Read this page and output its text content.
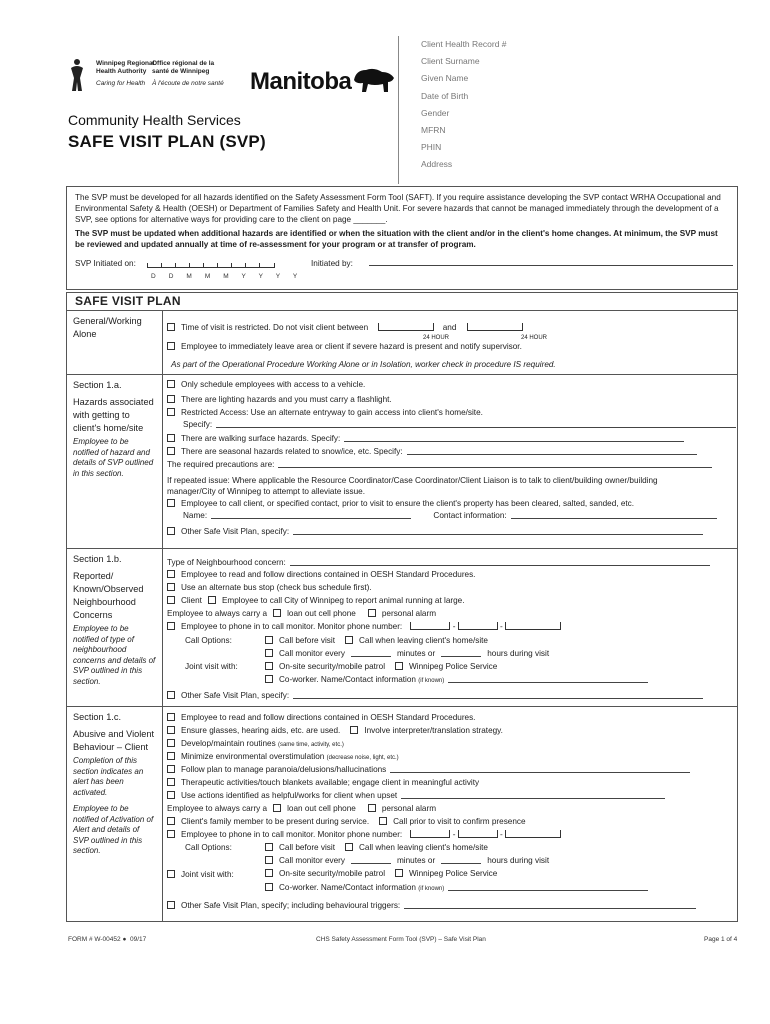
Winnipeg Regional
Health Authority
Office régional de la
santé de Winnipeg
Caring for Health À l'écoute de notre santé Manitoba
Community Health Services
SAFE VISIT PLAN (SVP)
Client Health Record #
Client Surname
Given Name
Date of Birth
Gender
MFRN
PHIN
Address

The SVP must be developed for all hazards identified on the Safety Assessment Form Tool (SAFT). If you require assistance developing the SVP contact WRHA Occupational and Environmental Safety & Health (OESH) or Department of Families Safety and Health Unit. For severe hazards that cannot be managed immediately through the development of a SVP, see options for alternative ways for providing care to the client on page _______.

The SVP must be updated when additional hazards are identified or when the situation with the client and/or in the client's home changes. At minimum, the SVP must be reviewed and updated annually at time of re-assessment for your program or at transfer of program.

SVP Initiated on:
D D M M M Y Y Y Y
Initiated by:
SAFE VISIT PLAN
General/Working
Alone
Time of visit is restricted. Do not visit client between	and
24 HOUR	24 HOUR
Employee to immediately leave area or client if severe hazard is present and notify supervisor.
As part of the Operational Procedure Working Alone or in Isolation, worker check in procedure IS required.
Section 1.a.
Hazards associated with getting to client's home/site
Employee to be notified of hazard and details of SVP outlined in this section.
Only schedule employees with access to a vehicle.
There are lighting hazards and you must carry a flashlight.
Restricted Access: Use an alternate entryway to gain access into client's home/site.
Specify:
There are walking surface hazards. Specify:
There are seasonal hazards related to snow/ice, etc. Specify:
The required precautions are:
If repeated issue: Where applicable the Resource Coordinator/Case Coordinator/Client Liaison is to talk to client/building owner/building
manager/City of Winnipeg to attempt to alleviate issue.
Employee to call client, or specified contact, prior to visit to ensure the client's property has been cleared, salted, sanded, etc.
Name:	Contact information:
Other Safe Visit Plan, specify:
Section 1.b.
Reported/ Known/Observed Neighbourhood Concerns
Employee to be notified of type of neighbourhood concerns and details of SVP outlined in this section.
Type of Neighbourhood concern:
Employee to read and follow directions contained in OESH Standard Procedures.
Use an alternate bus stop (check bus schedule first).
Client Employee to call City of Winnipeg to report animal running at large.
Employee to always carry a loan out cell phone	personal alarm
Employee to phone in to call monitor. Monitor phone number:	-	-
Call Options:	Call before visit	Call when leaving client's home/site
Call monitor every	minutes or	hours during visit
Joint visit with:	On-site security/mobile patrol	Winnipeg Police Service
Co-worker. Name/Contact information (if known)
Other Safe Visit Plan, specify:
Section 1.c.
Abusive and Violent Behaviour – Client
Completion of this section indicates an alert has been activated.
Employee to be notified of Activation of Alert and details of SVP outlined in this section.
Employee to read and follow directions contained in OESH Standard Procedures.
Ensure glasses, hearing aids, etc. are used.	Involve interpreter/translation strategy.
Develop/maintain routines (same time, activity, etc.)
Minimize environmental overstimulation (decrease noise, light, etc.)
Follow plan to manage paranoia/delusions/hallucinations
Therapeutic activities/touch blankets available; engage client in meaningful activity
Use actions identified as helpful/works for client when upset
Employee to always carry a loan out cell phone	personal alarm
Client's family member to be present during service.	Call prior to visit to confirm presence
Employee to phone in to call monitor. Monitor phone number:	-	-
Call Options:	Call before visit	Call when leaving client's home/site
Call monitor every	minutes or	hours during visit
Joint visit with:	On-site security/mobile patrol	Winnipeg Police Service
Co-worker. Name/Contact information (if known)
Other Safe Visit Plan, specify; including behavioural triggers:
FORM # W-00452 ● 09/17	CHS Safety Assessment Form Tool (SVP) – Safe Visit Plan	Page 1 of 4
